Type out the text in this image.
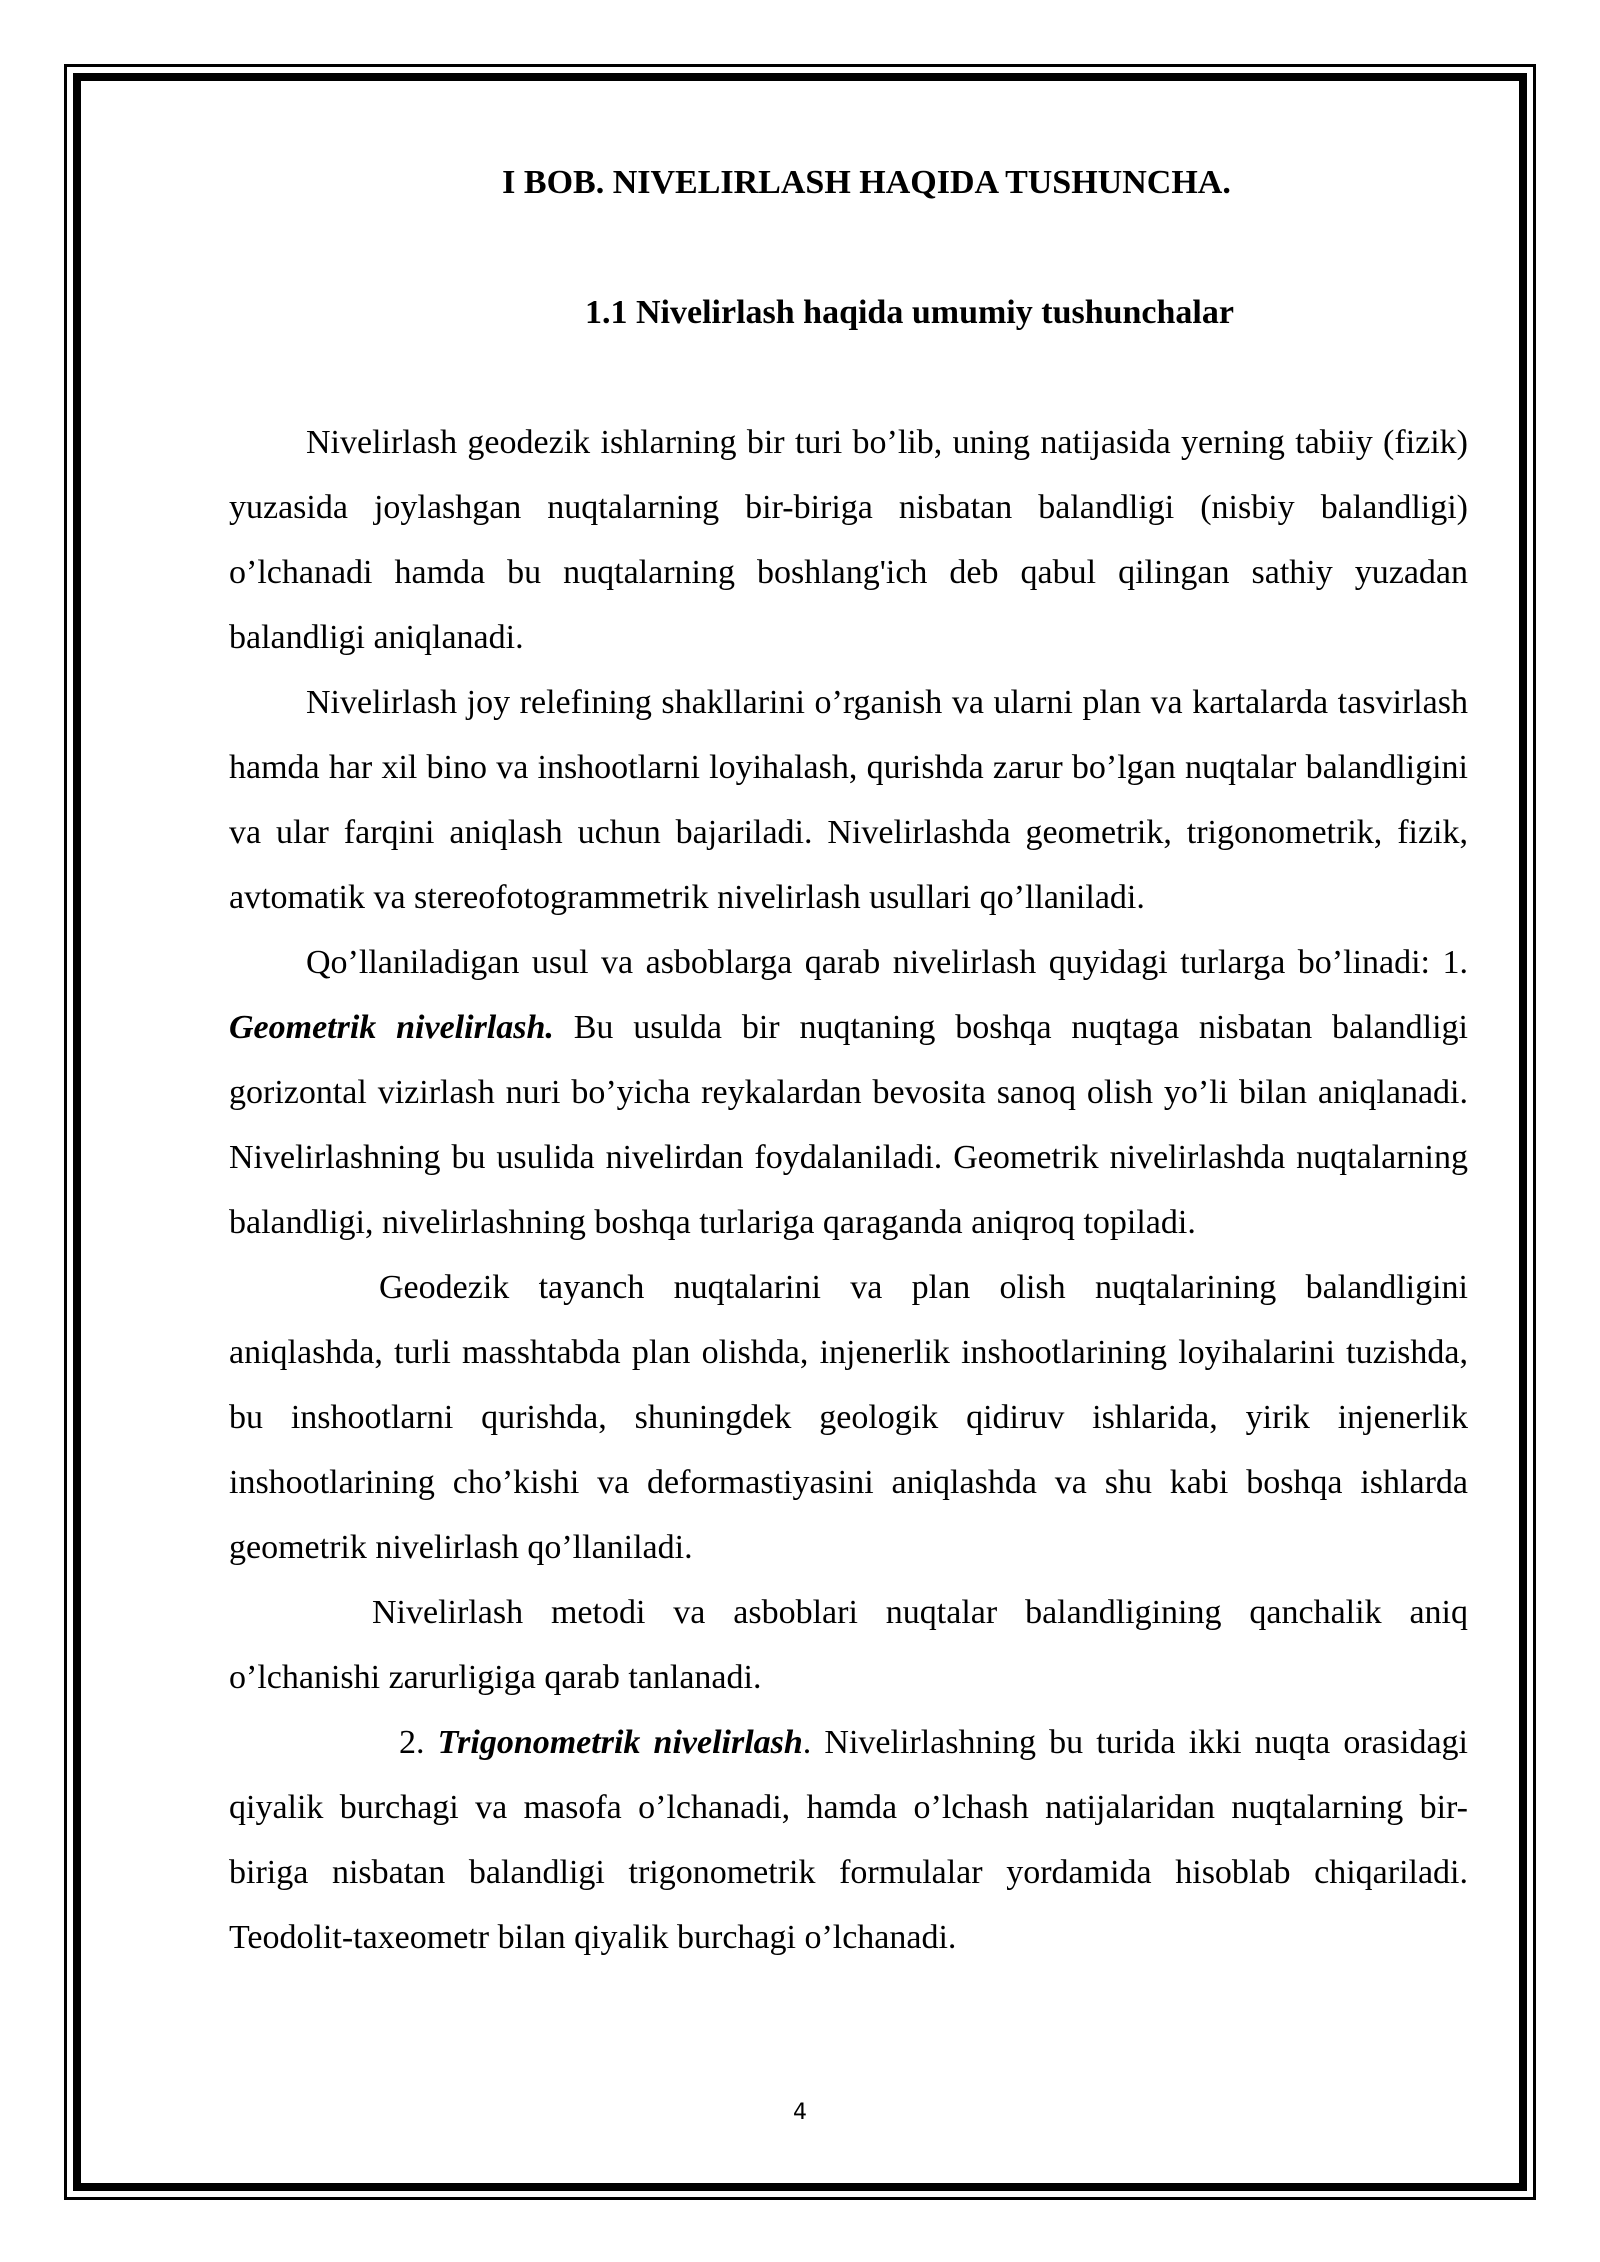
I BOB. NIVELIRLASH HAQIDA TUSHUNCHA.
1.1 Nivelirlash haqida umumiy tushunchalar

Nivelirlash geodezik ishlarning bir turi bo’lib, uning natijasida yerning tabiiy (fizik) yuzasida joylashgan nuqtalarning bir-biriga nisbatan balandligi (nisbiy balandligi) o’lchanadi hamda bu nuqtalarning boshlang'ich deb qabul qilingan sathiy yuzadan balandligi aniqlanadi.

Nivelirlash joy relefining shakllarini o’rganish va ularni plan va kartalarda tasvirlash hamda har xil bino va inshootlarni loyihalash, qurishda zarur bo’lgan nuqtalar balandligini va ular farqini aniqlash uchun bajariladi. Nivelirlashda geometrik, trigonometrik, fizik, avtomatik va stereofotogrammetrik nivelirlash usullari qo’llaniladi.

Qo’llaniladigan usul va asboblarga qarab nivelirlash quyidagi turlarga bo’linadi: 1. Geometrik nivelirlash. Bu usulda bir nuqtaning boshqa nuqtaga nisbatan balandligi gorizontal vizirlash nuri bo’yicha reykalardan bevosita sanoq olish yo’li bilan aniqlanadi. Nivelirlashning bu usulida nivelirdan foydalaniladi. Geometrik nivelirlashda nuqtalarning balandligi, nivelirlashning boshqa turlariga qaraganda aniqroq topiladi.

Geodezik tayanch nuqtalarini va plan olish nuqtalarining balandligini aniqlashda, turli masshtabda plan olishda, injenerlik inshootlarining loyihalarini tuzishda, bu inshootlarni qurishda, shuningdek geologik qidiruv ishlarida, yirik injenerlik inshootlarining cho’kishi va deformastiyasini aniqlashda va shu kabi boshqa ishlarda geometrik nivelirlash qo’llaniladi.

Nivelirlash metodi va asboblari nuqtalar balandligining qanchalik aniq o’lchanishi zarurligiga qarab tanlanadi.

2. Trigonometrik nivelirlash. Nivelirlashning bu turida ikki nuqta orasidagi qiyalik burchagi va masofa o’lchanadi, hamda o’lchash natijalaridan nuqtalarning bir-biriga nisbatan balandligi trigonometrik formulalar yordamida hisoblab chiqariladi. Teodolit-taxeometr bilan qiyalik burchagi o’lchanadi.

4
